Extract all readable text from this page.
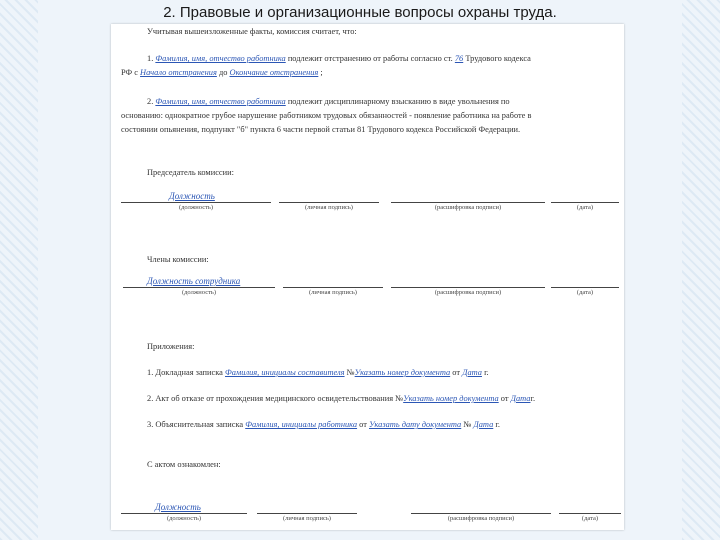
2. Правовые и организационные вопросы охраны труда.
Учитывая вышеизложенные факты, комиссия считает, что:
1. Фамилия, имя, отчество работника подлежит отстранению от работы согласно ст. 76 Трудового кодекса
РФ с Начало отстранения до Окончание отстранения ;
2. Фамилия, имя, отчество работника подлежит дисциплинарному взысканию в виде увольнения по
основанию: однократное грубое нарушение работником трудовых обязанностей - появление работника на работе в
состоянии опьянения, подпункт "б" пункта 6 части первой статьи 81 Трудового кодекса Российской Федерации.
Председатель комиссии:
Должность
(должность)	(личная подпись)	(расшифровка подписи)	(дата)
Члены комиссии:
Должность сотрудника
(должность)	(личная подпись)	(расшифровка подписи)	(дата)
Приложения:
1. Докладная записка Фамилия, инициалы составителя №Указать номер документа от Дата г.
2. Акт об отказе от прохождения медицинского освидетельствования №Указать номер документа от Датаг.
3. Объяснительная записка Фамилия, инициалы работника от Указать дату документа № Дата г.
С актом ознакомлен:
Должность
(должность)	(личная подпись)	(расшифровка подписи)	(дата)
